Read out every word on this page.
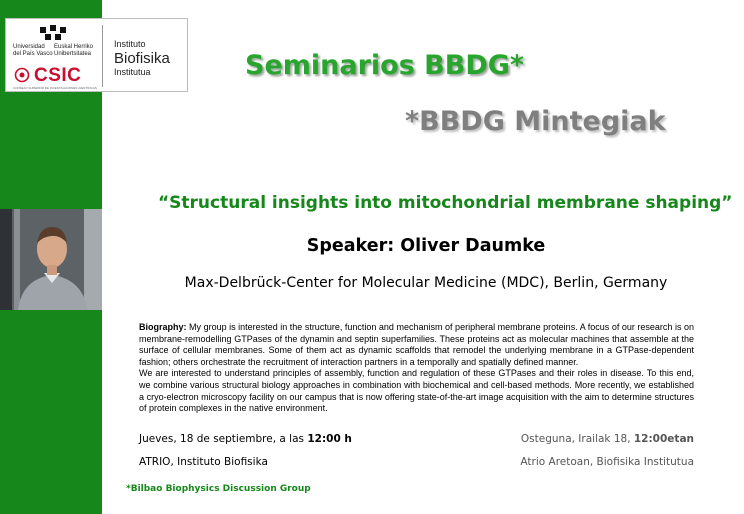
Universidad
del País Vasco
Euskal Herriko
Unibertsitatea
CSIC
CONSEJO SUPERIOR DE INVESTIGACIONES CIENTÍFICAS
Instituto
Biofisika
Institutua	Seminarios BBDG*
*BBDG Mintegiak
“Structural insights into mitochondrial membrane shaping”
Speaker: Oliver Daumke
Max-Delbrück-Center for Molecular Medicine (MDC), Berlin, Germany

Biography: My group is interested in the structure, function and mechanism of peripheral membrane proteins. A focus of our research is on membrane-remodelling GTPases of the dynamin and septin superfamilies. These proteins act as molecular machines that assemble at the surface of cellular membranes. Some of them act as dynamic scaffolds that remodel the underlying membrane in a GTPase-dependent fashion; others orchestrate the recruitment of interaction partners in a temporally and spatially defined manner.

We are interested to understand principles of assembly, function and regulation of these GTPases and their roles in disease. To this end, we combine various structural biology approaches in combination with biochemical and cell-based methods. More recently, we established a cryo-electron microscopy facility on our campus that is now offering state-of-the-art image acquisition with the aim to determine structures of protein complexes in the native environment.

Jueves, 18 de septiembre, a las 12:00 h	Osteguna, Irailak 18, 12:00etan
ATRIO, Instituto Biofisika	Atrio Aretoan, Biofisika Institutua
*Bilbao Biophysics Discussion Group
